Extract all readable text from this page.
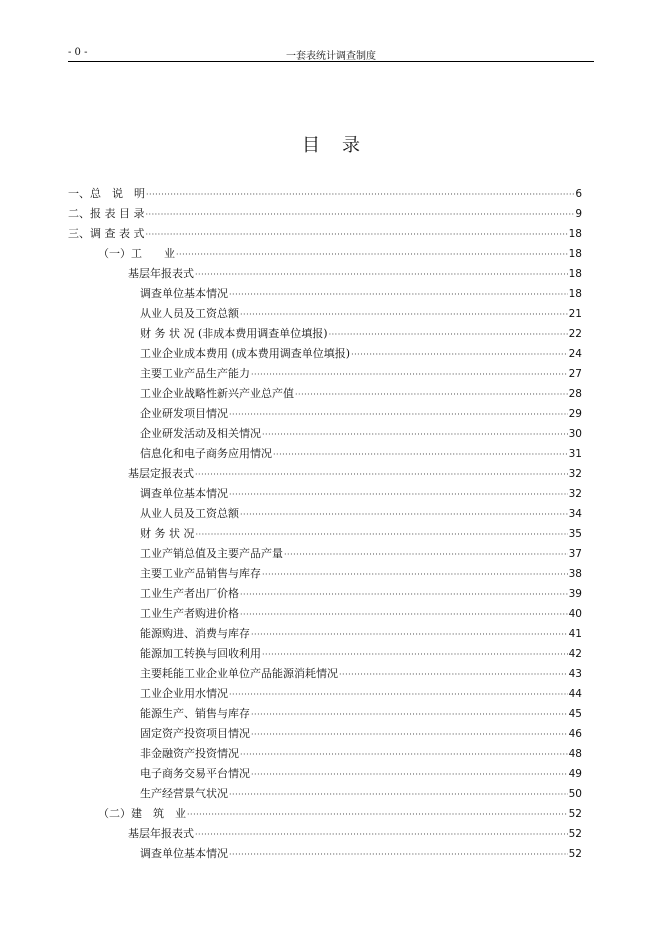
- 0 -	一套表统计调查制度
目录
一、总　说　明 ·····	6
二、报 表 目 录 ·····	9
三、调 查 表 式 ·····	18
（一）工　　业 ·····	18
基层年报表式 ·····	18
调查单位基本情况 ·····	18
从业人员及工资总额 ·····	21
财 务 状 况 (非成本费用调查单位填报) ·····	22
工业企业成本费用 (成本费用调查单位填报) ·····	24
主要工业产品生产能力 ·····	27
工业企业战略性新兴产业总产值 ·····	28
企业研发项目情况 ·····	29
企业研发活动及相关情况 ·····	30
信息化和电子商务应用情况 ·····	31
基层定报表式 ·····	32
调查单位基本情况 ·····	32
从业人员及工资总额 ·····	34
财 务 状 况 ·····	35
工业产销总值及主要产品产量 ·····	37
主要工业产品销售与库存 ·····	38
工业生产者出厂价格 ·····	39
工业生产者购进价格 ·····	40
能源购进、消费与库存 ·····	41
能源加工转换与回收利用 ·····	42
主要耗能工业企业单位产品能源消耗情况 ·····	43
工业企业用水情况 ·····	44
能源生产、销售与库存 ·····	45
固定资产投资项目情况 ·····	46
非金融资产投资情况 ·····	48
电子商务交易平台情况 ·····	49
生产经营景气状况 ·····	50
（二）建　筑　业 ·····	52
基层年报表式 ·····	52
调查单位基本情况 ·····	52
